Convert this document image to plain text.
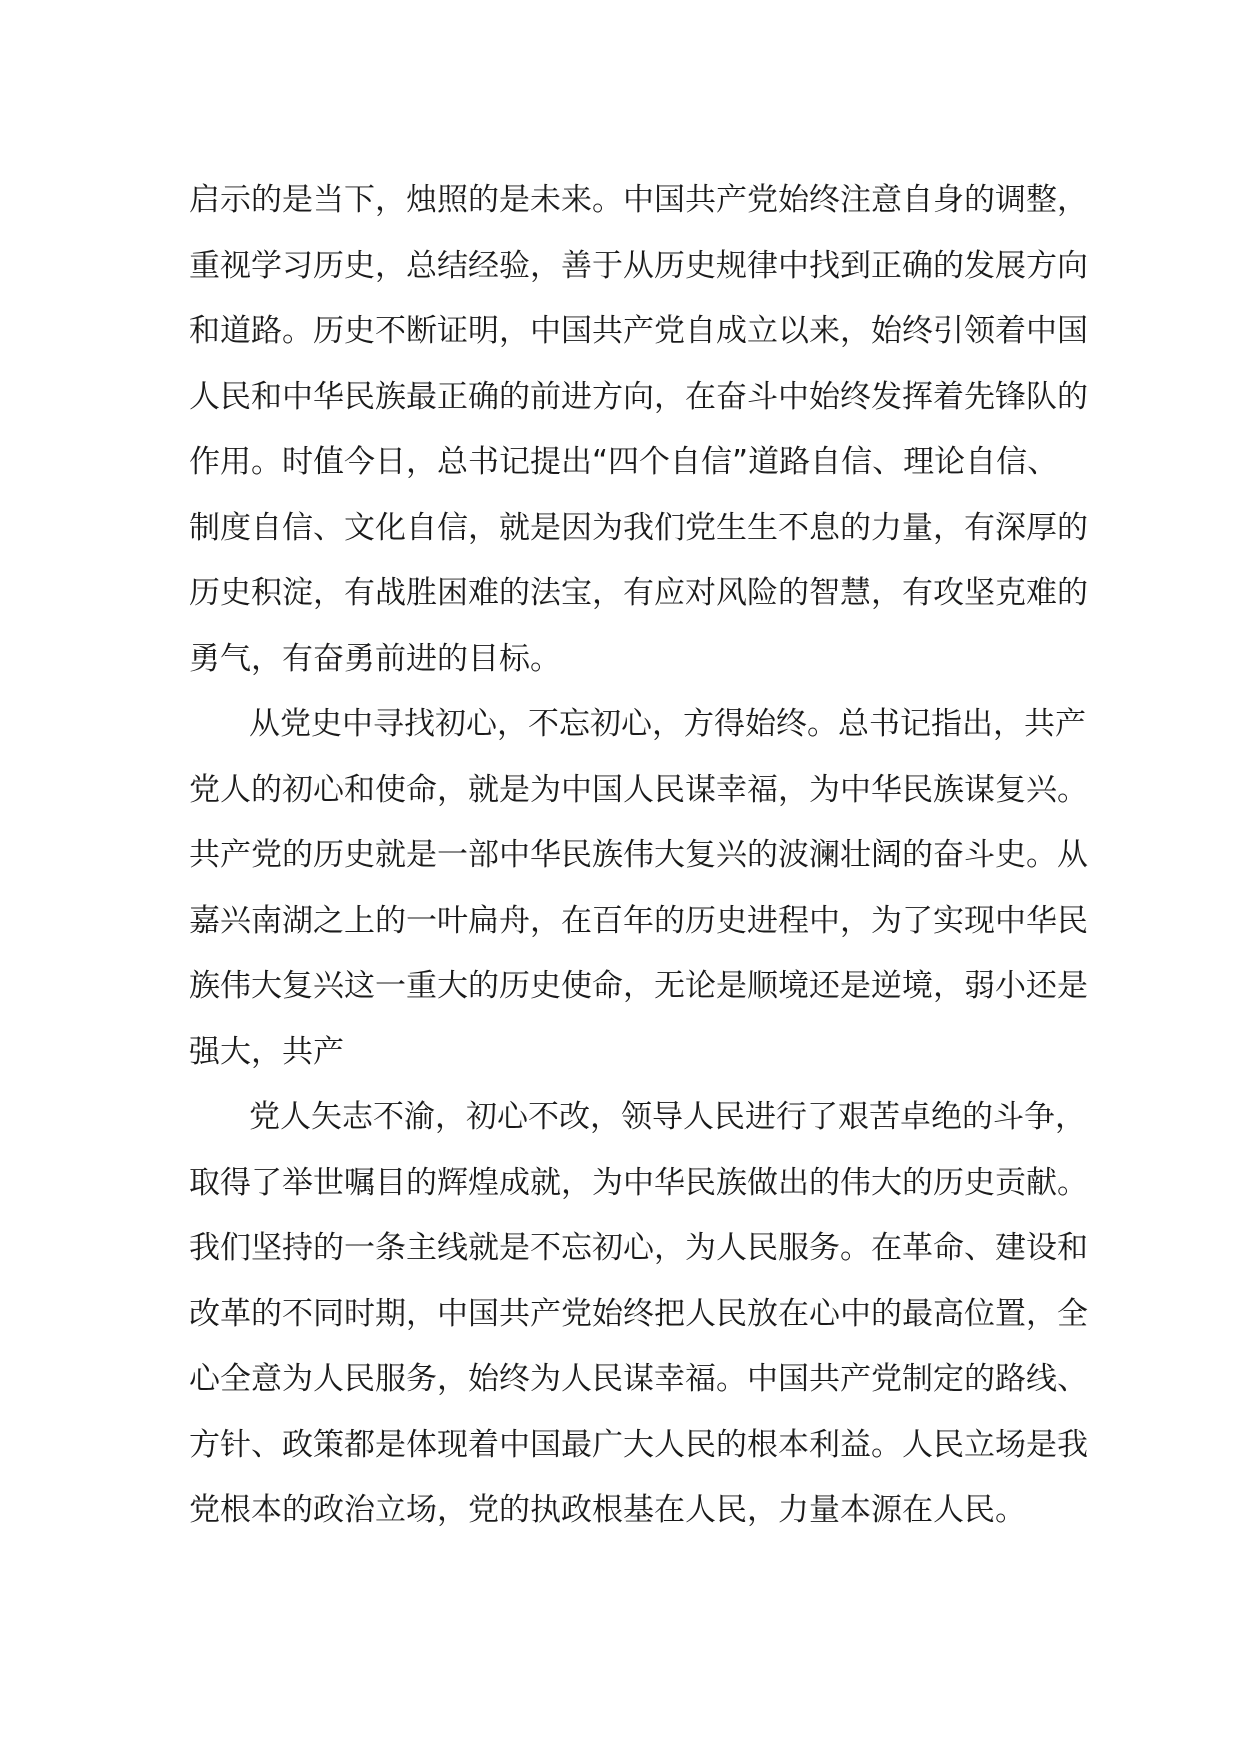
启示的是当下，烛照的是未来。中国共产党始终注意自身的调整，
重视学习历史，总结经验，善于从历史规律中找到正确的发展方向
和道路。历史不断证明，中国共产党自成立以来，始终引领着中国
人民和中华民族最正确的前进方向，在奋斗中始终发挥着先锋队的
作用。时值今日，总书记提出“四个自信”道路自信、理论自信、
制度自信、文化自信，就是因为我们党生生不息的力量，有深厚的
历史积淀，有战胜困难的法宝，有应对风险的智慧，有攻坚克难的
勇气，有奋勇前进的目标。
从党史中寻找初心，不忘初心，方得始终。总书记指出，共产
党人的初心和使命，就是为中国人民谋幸福，为中华民族谋复兴。
共产党的历史就是一部中华民族伟大复兴的波澜壮阔的奋斗史。从
嘉兴南湖之上的一叶扁舟，在百年的历史进程中，为了实现中华民
族伟大复兴这一重大的历史使命，无论是顺境还是逆境，弱小还是
强大，共产
党人矢志不渝，初心不改，领导人民进行了艰苦卓绝的斗争，
取得了举世嘱目的辉煌成就，为中华民族做出的伟大的历史贡献。
我们坚持的一条主线就是不忘初心，为人民服务。在革命、建设和
改革的不同时期，中国共产党始终把人民放在心中的最高位置，全
心全意为人民服务，始终为人民谋幸福。中国共产党制定的路线、
方针、政策都是体现着中国最广大人民的根本利益。人民立场是我
党根本的政治立场，党的执政根基在人民，力量本源在人民。
